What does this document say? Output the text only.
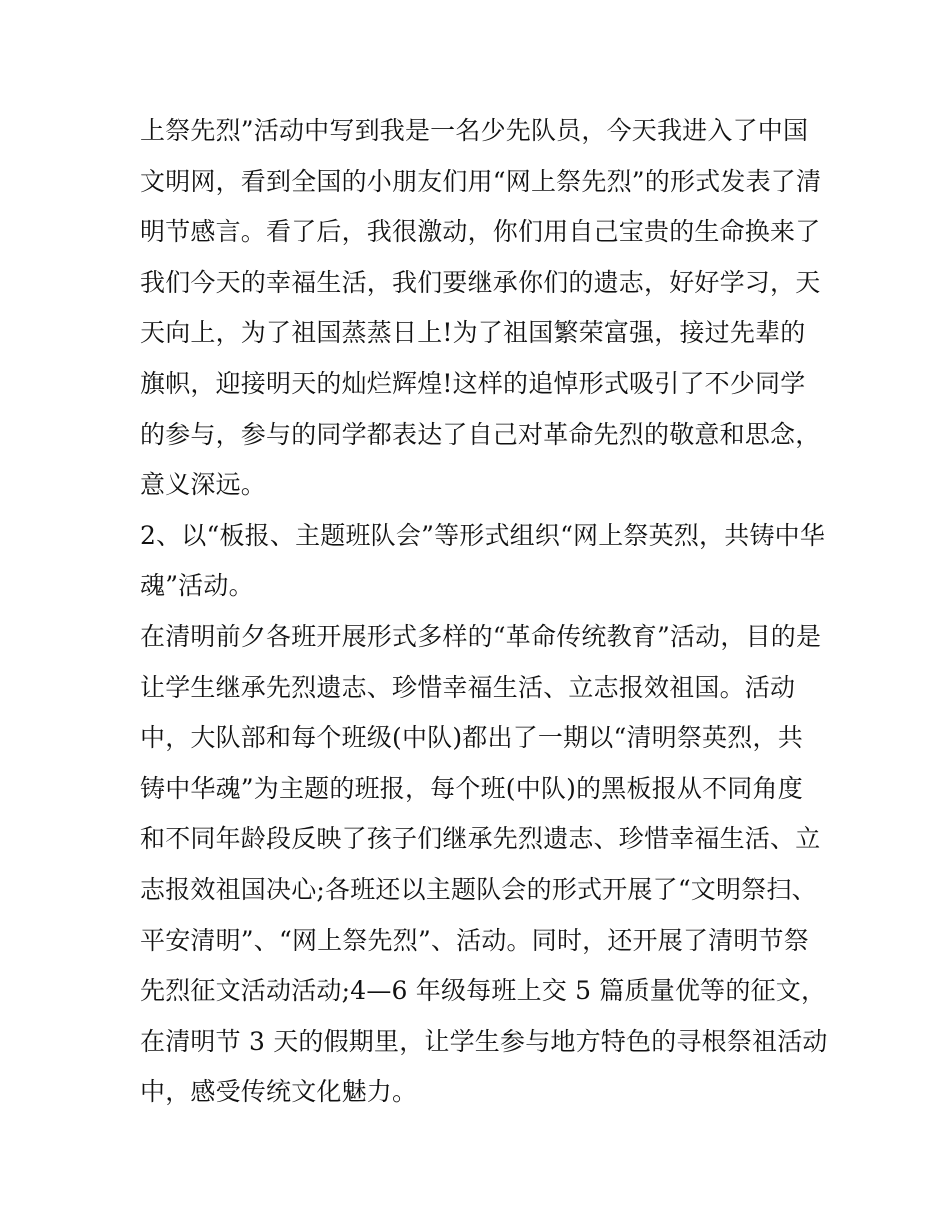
上祭先烈”活动中写到我是一名少先队员，今天我进入了中国
文明网，看到全国的小朋友们用“网上祭先烈”的形式发表了清
明节感言。看了后，我很激动，你们用自己宝贵的生命换来了
我们今天的幸福生活，我们要继承你们的遗志，好好学习，天
天向上，为了祖国蒸蒸日上!为了祖国繁荣富强，接过先辈的
旗帜，迎接明天的灿烂辉煌!这样的追悼形式吸引了不少同学
的参与，参与的同学都表达了自己对革命先烈的敬意和思念，
意义深远。
2、以“板报、主题班队会”等形式组织“网上祭英烈，共铸中华
魂”活动。
在清明前夕各班开展形式多样的“革命传统教育”活动，目的是
让学生继承先烈遗志、珍惜幸福生活、立志报效祖国。活动
中，大队部和每个班级(中队)都出了一期以“清明祭英烈，共
铸中华魂”为主题的班报，每个班(中队)的黑板报从不同角度
和不同年龄段反映了孩子们继承先烈遗志、珍惜幸福生活、立
志报效祖国决心;各班还以主题队会的形式开展了“文明祭扫、
平安清明”、“网上祭先烈”、活动。同时，还开展了清明节祭
先烈征文活动活动;4—6 年级每班上交 5 篇质量优等的征文，
在清明节 3 天的假期里，让学生参与地方特色的寻根祭祖活动
中，感受传统文化魅力。
